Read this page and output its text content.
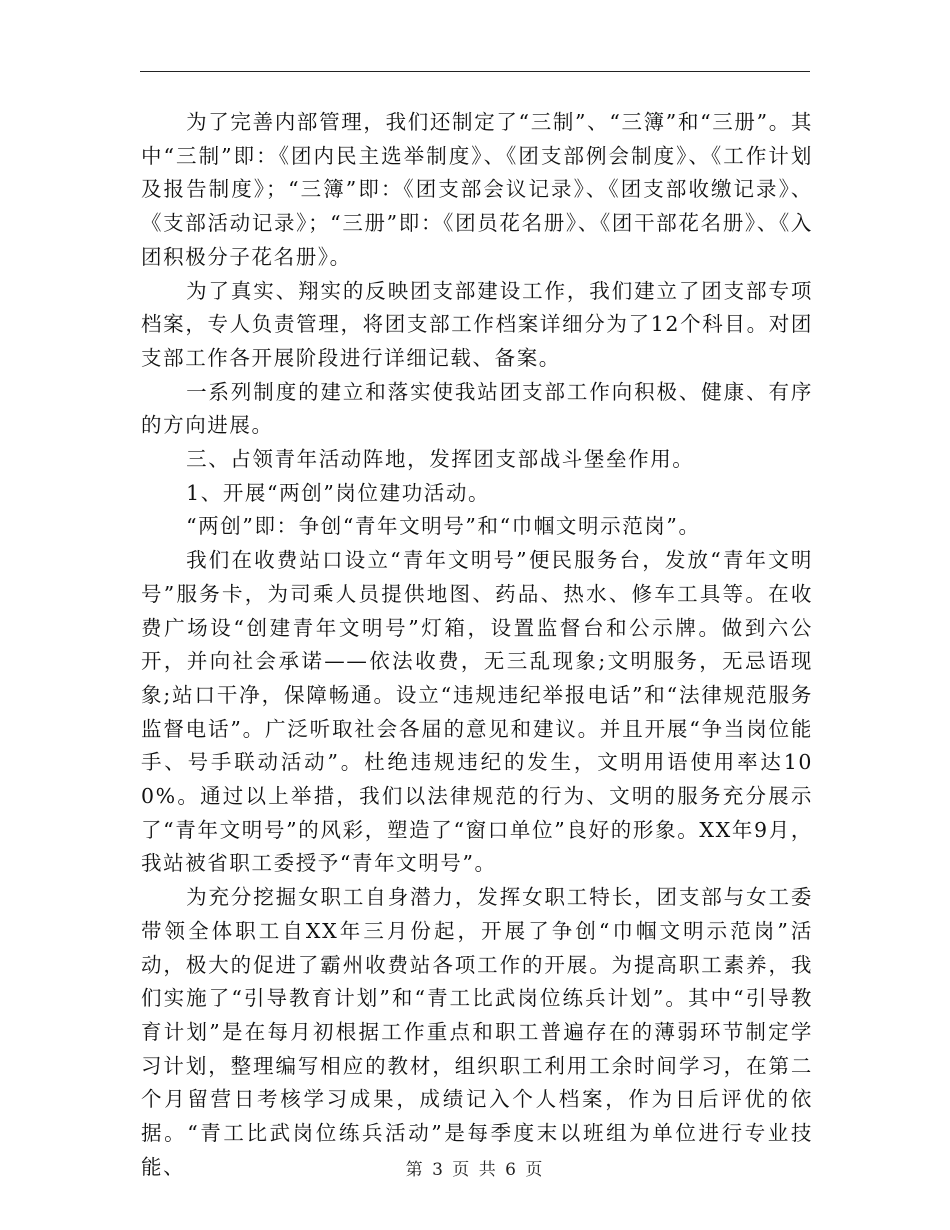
为了完善内部管理，我们还制定了“三制”、“三簿”和“三册”。其中“三制”即：《团内民主选举制度》、《团支部例会制度》、《工作计划及报告制度》；“三簿”即：《团支部会议记录》、《团支部收缴记录》、《支部活动记录》；“三册”即：《团员花名册》、《团干部花名册》、《入团积极分子花名册》。

为了真实、翔实的反映团支部建设工作，我们建立了团支部专项档案，专人负责管理，将团支部工作档案详细分为了12个科目。对团支部工作各开展阶段进行详细记载、备案。

一系列制度的建立和落实使我站团支部工作向积极、健康、有序的方向进展。

三、占领青年活动阵地，发挥团支部战斗堡垒作用。

1、开展“两创”岗位建功活动。

“两创”即：争创“青年文明号”和“巾帼文明示范岗”。

我们在收费站口设立“青年文明号”便民服务台，发放“青年文明号”服务卡，为司乘人员提供地图、药品、热水、修车工具等。在收费广场设“创建青年文明号”灯箱，设置监督台和公示牌。做到六公开，并向社会承诺——依法收费，无三乱现象;文明服务，无忌语现象;站口干净，保障畅通。设立“违规违纪举报电话”和“法律规范服务监督电话”。广泛听取社会各届的意见和建议。并且开展“争当岗位能手、号手联动活动”。杜绝违规违纪的发生，文明用语使用率达100%。通过以上举措，我们以法律规范的行为、文明的服务充分展示了“青年文明号”的风彩，塑造了“窗口单位”良好的形象。XX年9月，我站被省职工委授予“青年文明号”。

为充分挖掘女职工自身潜力，发挥女职工特长，团支部与女工委带领全体职工自XX年三月份起，开展了争创“巾帼文明示范岗”活动，极大的促进了霸州收费站各项工作的开展。为提高职工素养，我们实施了“引导教育计划”和“青工比武岗位练兵计划”。其中“引导教育计划”是在每月初根据工作重点和职工普遍存在的薄弱环节制定学习计划，整理编写相应的教材，组织职工利用工余时间学习，在第二个月留营日考核学习成果，成绩记入个人档案，作为日后评优的依据。“青工比武岗位练兵活动”是每季度末以班组为单位进行专业技能、	第 3 页 共 6 页
